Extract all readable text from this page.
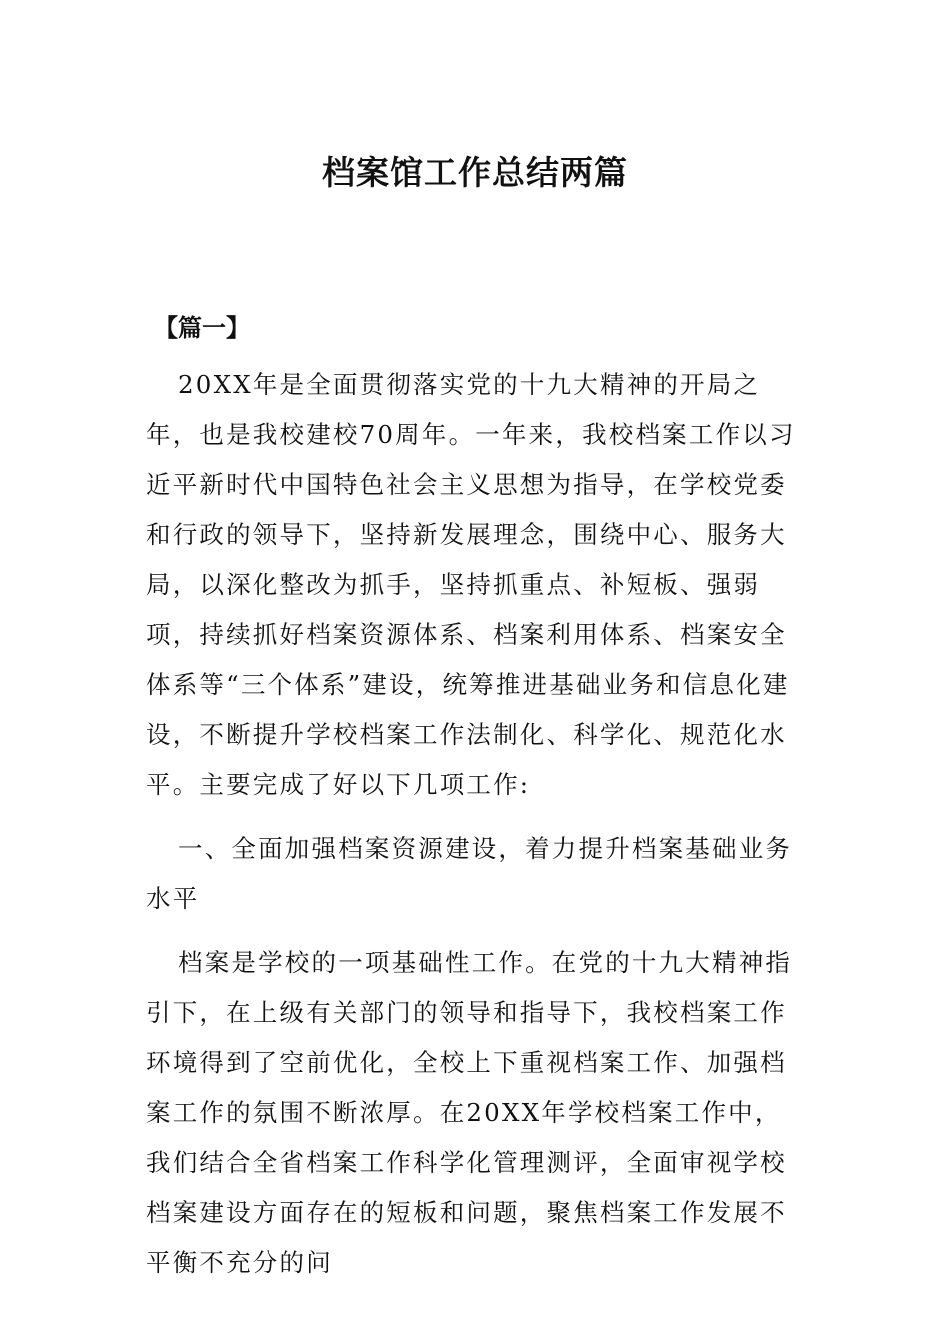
档案馆工作总结两篇
【篇一】

20XX年是全面贯彻落实党的十九大精神的开局之年，也是我校建校70周年。一年来，我校档案工作以习近平新时代中国特色社会主义思想为指导，在学校党委和行政的领导下，坚持新发展理念，围绕中心、服务大局，以深化整改为抓手，坚持抓重点、补短板、强弱项，持续抓好档案资源体系、档案利用体系、档案安全体系等“三个体系”建设，统筹推进基础业务和信息化建设，不断提升学校档案工作法制化、科学化、规范化水平。主要完成了好以下几项工作:

一、全面加强档案资源建设，着力提升档案基础业务水平

档案是学校的一项基础性工作。在党的十九大精神指引下，在上级有关部门的领导和指导下，我校档案工作环境得到了空前优化，全校上下重视档案工作、加强档案工作的氛围不断浓厚。在20XX年学校档案工作中，我们结合全省档案工作科学化管理测评，全面审视学校档案建设方面存在的短板和问题，聚焦档案工作发展不平衡不充分的问
